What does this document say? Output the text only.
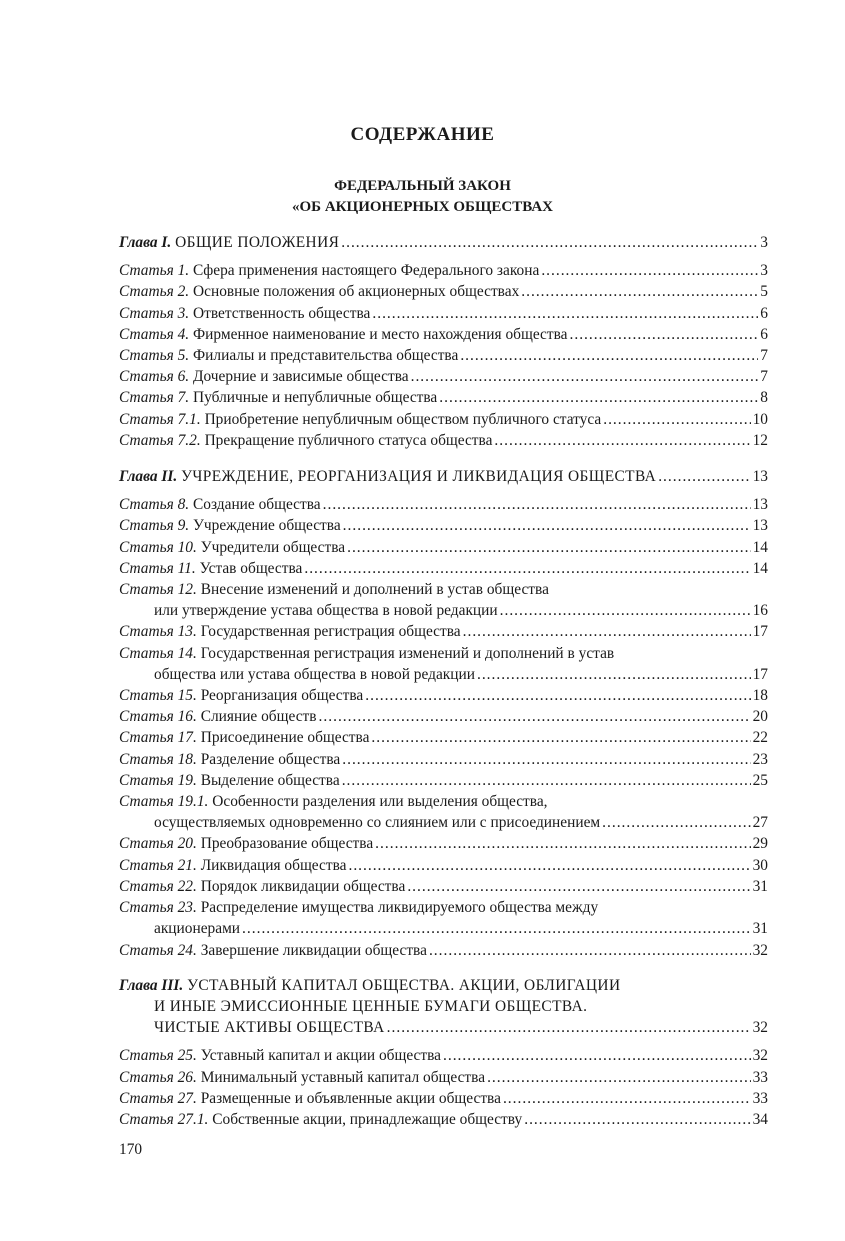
СОДЕРЖАНИЕ
ФЕДЕРАЛЬНЫЙ ЗАКОН
«ОБ АКЦИОНЕРНЫХ ОБЩЕСТВАХ
Глава I. ОБЩИЕ ПОЛОЖЕНИЯ .....	3
Статья 1. Сфера применения настоящего Федерального закона .....	3
Статья 2. Основные положения об акционерных обществах .....	5
Статья 3. Ответственность общества .....	6
Статья 4. Фирменное наименование и место нахождения общества .....	6
Статья 5. Филиалы и представительства общества .....	7
Статья 6. Дочерние и зависимые общества .....	7
Статья 7. Публичные и непубличные общества .....	8
Статья 7.1. Приобретение непубличным обществом публичного статуса .....	10
Статья 7.2. Прекращение публичного статуса общества .....	12
Глава II. УЧРЕЖДЕНИЕ, РЕОРГАНИЗАЦИЯ И ЛИКВИДАЦИЯ ОБЩЕСТВА .....	13
Статья 8. Создание общества .....	13
Статья 9. Учреждение общества .....	13
Статья 10. Учредители общества .....	14
Статья 11. Устав общества .....	14
Статья 12. Внесение изменений и дополнений в устав общества
или утверждение устава общества в новой редакции .....	16
Статья 13. Государственная регистрация общества .....	17
Статья 14. Государственная регистрация изменений и дополнений в устав
общества или устава общества в новой редакции .....	17
Статья 15. Реорганизация общества .....	18
Статья 16. Слияние обществ .....	20
Статья 17. Присоединение общества .....	22
Статья 18. Разделение общества .....	23
Статья 19. Выделение общества .....	25
Статья 19.1. Особенности разделения или выделения общества,
осуществляемых одновременно со слиянием или с присоединением .....	27
Статья 20. Преобразование общества .....	29
Статья 21. Ликвидация общества .....	30
Статья 22. Порядок ликвидации общества .....	31
Статья 23. Распределение имущества ликвидируемого общества между
акционерами .....	31
Статья 24. Завершение ликвидации общества .....	32
Глава III. УСТАВНЫЙ КАПИТАЛ ОБЩЕСТВА. АКЦИИ, ОБЛИГАЦИИ
И ИНЫЕ ЭМИССИОННЫЕ ЦЕННЫЕ БУМАГИ ОБЩЕСТВА.
ЧИСТЫЕ АКТИВЫ ОБЩЕСТВА .....	32
Статья 25. Уставный капитал и акции общества .....	32
Статья 26. Минимальный уставный капитал общества .....	33
Статья 27. Размещенные и объявленные акции общества .....	33
Статья 27.1. Собственные акции, принадлежащие обществу .....	34
170
